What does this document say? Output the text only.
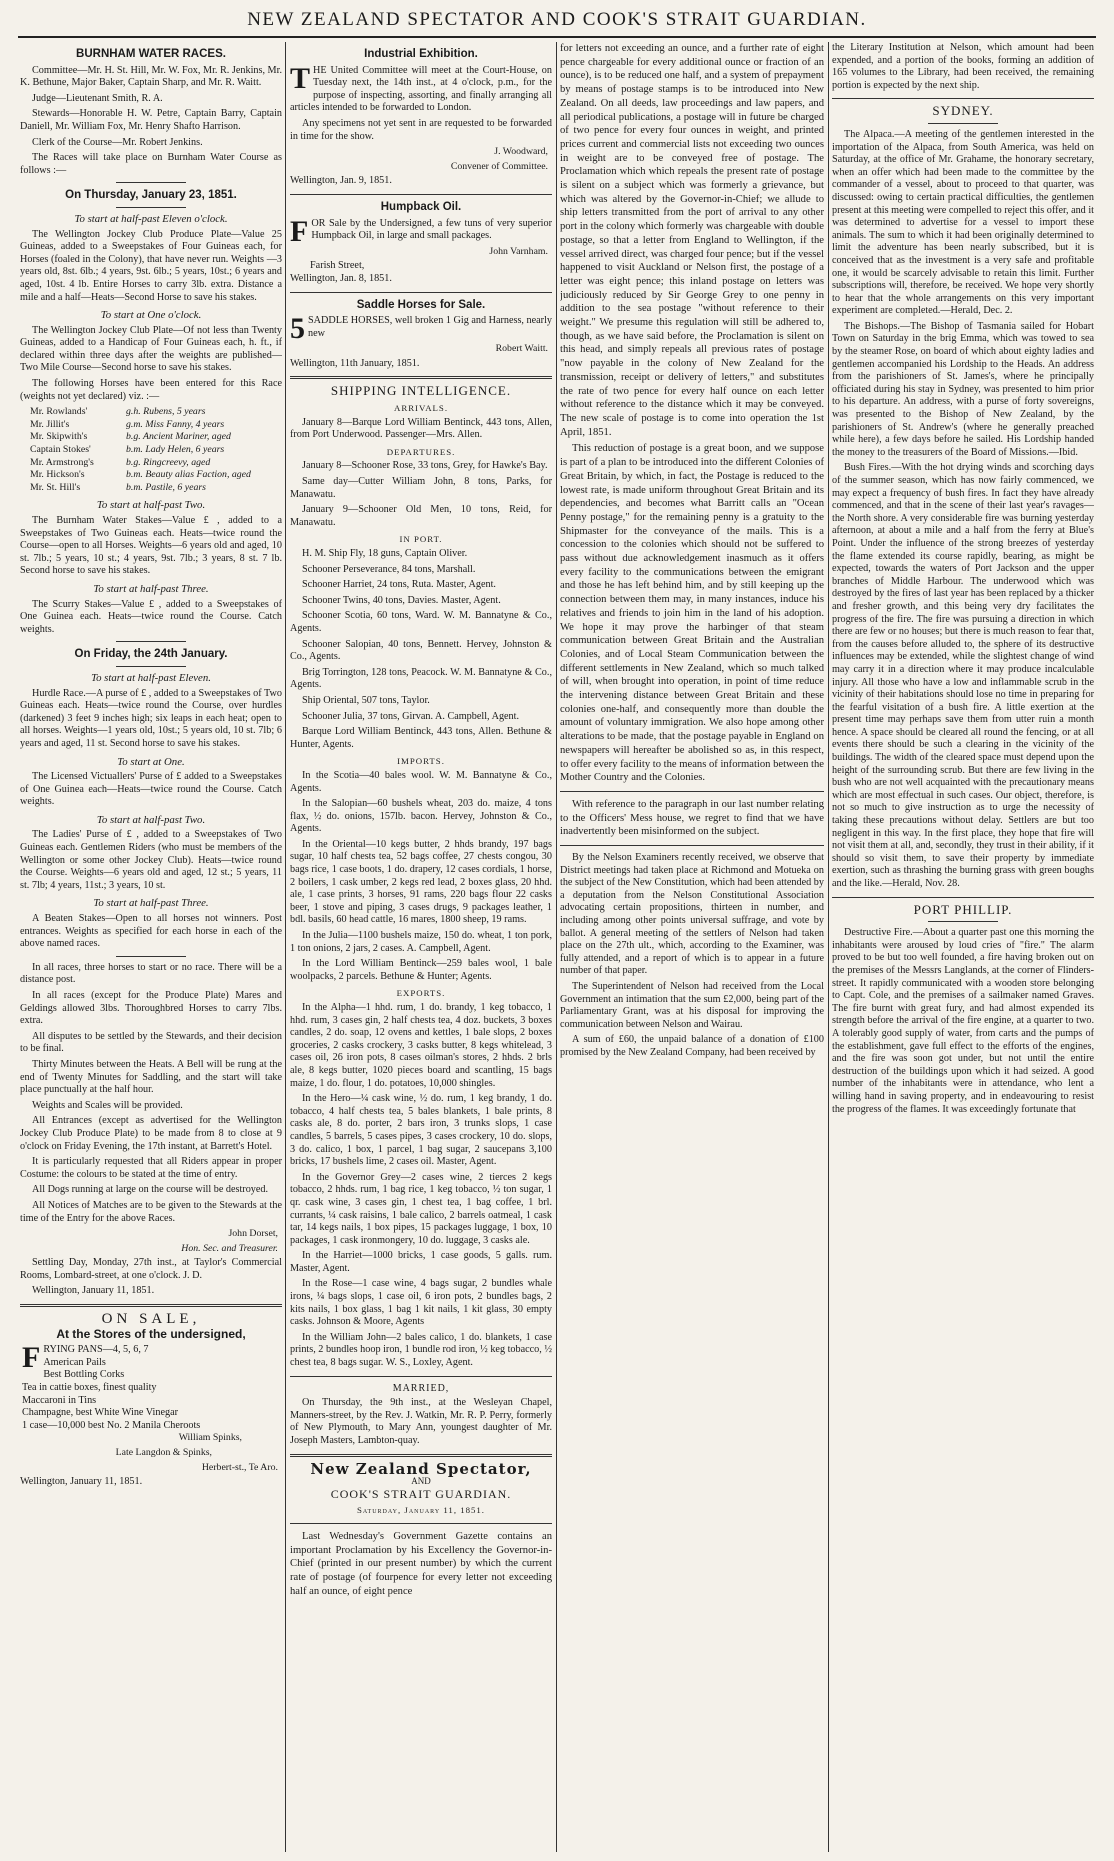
NEW ZEALAND SPECTATOR AND COOK'S STRAIT GUARDIAN.
BURNHAM WATER RACES.

Committee—Mr. H. St. Hill, Mr. W. Fox, Mr. R. Jenkins, Mr. K. Bethune, Major Baker, Captain Sharp, and Mr. R. Waitt.

Judge—Lieutenant Smith, R. A.

Stewards—Honorable H. W. Petre, Captain Barry, Captain Daniell, Mr. William Fox, Mr. Henry Shafto Harrison.

Clerk of the Course—Mr. Robert Jenkins.

The Races will take place on Burnham Water Course as follows :—

On Thursday, January 23, 1851.
To start at half-past Eleven o'clock.

The Wellington Jockey Club Produce Plate—Value 25 Guineas, added to a Sweepstakes of Four Guineas each, for Horses (foaled in the Colony), that have never run. Weights —3 years old, 8st. 6lb.; 4 years, 9st. 6lb.; 5 years, 10st.; 6 years and aged, 10st. 4 lb. Entire Horses to carry 3lb. extra. Distance a mile and a half—Heats—Second Horse to save his stakes.

To start at One o'clock.

The Wellington Jockey Club Plate—Of not less than Twenty Guineas, added to a Handicap of Four Guineas each, h. ft., if declared within three days after the weights are published—Two Mile Course—Second horse to save his stakes.

The following Horses have been entered for this Race (weights not yet declared) viz. :—

Mr. Rowlands'	g.h. Rubens, 5 years
Mr. Jillit's	g.m. Miss Fanny, 4 years
Mr. Skipwith's	b.g. Ancient Mariner, aged
Captain Stokes'	b.m. Lady Helen, 6 years
Mr. Armstrong's	b.g. Ringcreevy, aged
Mr. Hickson's	b.m. Beauty alias Faction, aged
Mr. St. Hill's	b.m. Pastile, 6 years
To start at half-past Two.

The Burnham Water Stakes—Value £ , added to a Sweepstakes of Two Guineas each. Heats—twice round the Course—open to all Horses. Weights—6 years old and aged, 10 st. 7lb.; 5 years, 10 st.; 4 years, 9st. 7lb.; 3 years, 8 st. 7 lb. Second horse to save his stakes.

To start at half-past Three.

The Scurry Stakes—Value £ , added to a Sweepstakes of One Guinea each. Heats—twice round the Course. Catch weights.

On Friday, the 24th January.
To start at half-past Eleven.

Hurdle Race.—A purse of £ , added to a Sweepstakes of Two Guineas each. Heats—twice round the Course, over hurdles (darkened) 3 feet 9 inches high; six leaps in each heat; open to all horses. Weights—1 years old, 10st.; 5 years old, 10 st. 7lb; 6 years and aged, 11 st. Second horse to save his stakes.

To start at One.

The Licensed Victuallers' Purse of £ added to a Sweepstakes of One Guinea each—Heats—twice round the Course. Catch weights.

To start at half-past Two.

The Ladies' Purse of £ , added to a Sweepstakes of Two Guineas each. Gentlemen Riders (who must be members of the Wellington or some other Jockey Club). Heats—twice round the Course. Weights—6 years old and aged, 12 st.; 5 years, 11 st. 7lb; 4 years, 11st.; 3 years, 10 st.

To start at half-past Three.

A Beaten Stakes—Open to all horses not winners. Post entrances. Weights as specified for each horse in each of the above named races.

In all races, three horses to start or no race. There will be a distance post.

In all races (except for the Produce Plate) Mares and Geldings allowed 3lbs. Thoroughbred Horses to carry 7lbs. extra.

All disputes to be settled by the Stewards, and their decision to be final.

Thirty Minutes between the Heats. A Bell will be rung at the end of Twenty Minutes for Saddling, and the start will take place punctually at the half hour.

Weights and Scales will be provided.

All Entrances (except as advertised for the Wellington Jockey Club Produce Plate) to be made from 8 to close at 9 o'clock on Friday Evening, the 17th instant, at Barrett's Hotel.

It is particularly requested that all Riders appear in proper Costume: the colours to be stated at the time of entry.

All Dogs running at large on the course will be destroyed.

All Notices of Matches are to be given to the Stewards at the time of the Entry for the above Races.

John Dorset,
Hon. Sec. and Treasurer.

Settling Day, Monday, 27th inst., at Taylor's Commercial Rooms, Lombard-street, at one o'clock. J. D.

Wellington, January 11, 1851.

ON SALE,
At the Stores of the undersigned,
F RYING PANS—4, 5, 6, 7
American Pails
Best Bottling Corks
Tea in cattie boxes, finest quality
Maccaroni in Tins
Champagne, best White Wine Vinegar
1 case—10,000 best No. 2 Manila Cheroots
William Spinks,
Late Langdon & Spinks,
Herbert-st., Te Aro.
Wellington, January 11, 1851.
Industrial Exhibition.

THE United Committee will meet at the Court-House, on Tuesday next, the 14th inst., at 4 o'clock, p.m., for the purpose of inspecting, assorting, and finally arranging all articles intended to be forwarded to London.

Any specimens not yet sent in are requested to be forwarded in time for the show.

J. Woodward,
Convener of Committee.
Wellington, Jan. 9, 1851.
Humpback Oil.

FOR Sale by the Undersigned, a few tuns of very superior Humpback Oil, in large and small packages.

John Varnham.
Farish Street,
Wellington, Jan. 8, 1851.
Saddle Horses for Sale.

5 SADDLE HORSES, well broken 1 Gig and Harness, nearly new

Robert Waitt.
Wellington, 11th January, 1851.
SHIPPING INTELLIGENCE.
ARRIVALS.

January 8—Barque Lord William Bentinck, 443 tons, Allen, from Port Underwood. Passenger—Mrs. Allen.

DEPARTURES.

January 8—Schooner Rose, 33 tons, Grey, for Hawke's Bay.

Same day—Cutter William John, 8 tons, Parks, for Manawatu.

January 9—Schooner Old Men, 10 tons, Reid, for Manawatu.

IN PORT.

H. M. Ship Fly, 18 guns, Captain Oliver.

Schooner Perseverance, 84 tons, Marshall.

Schooner Harriet, 24 tons, Ruta. Master, Agent.

Schooner Twins, 40 tons, Davies. Master, Agent.

Schooner Scotia, 60 tons, Ward. W. M. Bannatyne & Co., Agents.

Schooner Salopian, 40 tons, Bennett. Hervey, Johnston & Co., Agents.

Brig Torrington, 128 tons, Peacock. W. M. Bannatyne & Co., Agents.

Ship Oriental, 507 tons, Taylor.

Schooner Julia, 37 tons, Girvan. A. Campbell, Agent.

Barque Lord William Bentinck, 443 tons, Allen. Bethune & Hunter, Agents.

IMPORTS.

In the Scotia—40 bales wool. W. M. Bannatyne & Co., Agents.

In the Salopian—60 bushels wheat, 203 do. maize, 4 tons flax, ½ do. onions, 157lb. bacon. Hervey, Johnston & Co., Agents.

In the Oriental—10 kegs butter, 2 hhds brandy, 197 bags sugar, 10 half chests tea, 52 bags coffee, 27 chests congou, 30 bags rice, 1 case boots, 1 do. drapery, 12 cases cordials, 1 horse, 2 boilers, 1 cask umber, 2 kegs red lead, 2 boxes glass, 20 hhd. ale, 1 case prints, 3 horses, 91 rams, 220 bags flour 22 casks beer, 1 stove and piping, 3 cases drugs, 9 packages leather, 1 bdl. basils, 60 head cattle, 16 mares, 1800 sheep, 19 rams.

In the Julia—1100 bushels maize, 150 do. wheat, 1 ton pork, 1 ton onions, 2 jars, 2 cases. A. Campbell, Agent.

In the Lord William Bentinck—259 bales wool, 1 bale woolpacks, 2 parcels. Bethune & Hunter; Agents.

EXPORTS.

In the Alpha—1 hhd. rum, 1 do. brandy, 1 keg tobacco, 1 hhd. rum, 3 cases gin, 2 half chests tea, 4 doz. buckets, 3 boxes candles, 2 do. soap, 12 ovens and kettles, 1 bale slops, 2 boxes groceries, 2 casks crockery, 3 casks butter, 8 kegs whitelead, 3 cases oil, 26 iron pots, 8 cases oilman's stores, 2 hhds. 2 brls ale, 8 kegs butter, 1020 pieces board and scantling, 15 bags maize, 1 do. flour, 1 do. potatoes, 10,000 shingles.

In the Hero—¼ cask wine, ½ do. rum, 1 keg brandy, 1 do. tobacco, 4 half chests tea, 5 bales blankets, 1 bale prints, 8 casks ale, 8 do. porter, 2 bars iron, 3 trunks slops, 1 case candles, 5 barrels, 5 cases pipes, 3 cases crockery, 10 do. slops, 3 do. calico, 1 box, 1 parcel, 1 bag sugar, 2 saucepans 3,100 bricks, 17 bushels lime, 2 cases oil. Master, Agent.

In the Governor Grey—2 cases wine, 2 tierces 2 kegs tobacco, 2 hhds. rum, 1 bag rice, 1 keg tobacco, ½ ton sugar, 1 qr. cask wine, 3 cases gin, 1 chest tea, 1 bag coffee, 1 brl. currants, ¼ cask raisins, 1 bale calico, 2 barrels oatmeal, 1 cask tar, 14 kegs nails, 1 box pipes, 15 packages luggage, 1 box, 10 packages, 1 cask ironmongery, 10 do. luggage, 3 casks ale.

In the Harriet—1000 bricks, 1 case goods, 5 galls. rum. Master, Agent.

In the Rose—1 case wine, 4 bags sugar, 2 bundles whale irons, ¼ bags slops, 1 case oil, 6 iron pots, 2 bundles bags, 2 kits nails, 1 box glass, 1 bag 1 kit nails, 1 kit glass, 30 empty casks. Johnson & Moore, Agents

In the William John—2 bales calico, 1 do. blankets, 1 case prints, 2 bundles hoop iron, 1 bundle rod iron, ½ keg tobacco, ½ chest tea, 8 bags sugar. W. S., Loxley, Agent.

MARRIED,

On Thursday, the 9th inst., at the Wesleyan Chapel, Manners-street, by the Rev. J. Watkin, Mr. R. P. Perry, formerly of New Plymouth, to Mary Ann, youngest daughter of Mr. Joseph Masters, Lambton-quay.

New Zealand Spectator,
AND
COOK'S STRAIT GUARDIAN.
Saturday, January 11, 1851.

Last Wednesday's Government Gazette contains an important Proclamation by his Excellency the Governor-in-Chief (printed in our present number) by which the current rate of postage (of fourpence for every letter not exceeding half an ounce, of eight pence

for letters not exceeding an ounce, and a further rate of eight pence chargeable for every additional ounce or fraction of an ounce), is to be reduced one half, and a system of prepayment by means of postage stamps is to be introduced into New Zealand. On all deeds, law proceedings and law papers, and all periodical publications, a postage will in future be charged of two pence for every four ounces in weight, and printed prices current and commercial lists not exceeding two ounces in weight are to be conveyed free of postage. The Proclamation which which repeals the present rate of postage is silent on a subject which was formerly a grievance, but which was altered by the Governor-in-Chief; we allude to ship letters transmitted from the port of arrival to any other port in the colony which formerly was chargeable with double postage, so that a letter from England to Wellington, if the vessel arrived direct, was charged four pence; but if the vessel happened to visit Auckland or Nelson first, the postage of a letter was eight pence; this inland postage on letters was judiciously reduced by Sir George Grey to one penny in addition to the sea postage "without reference to their weight." We presume this regulation will still be adhered to, though, as we have said before, the Proclamation is silent on this head, and simply repeals all previous rates of postage "now payable in the colony of New Zealand for the transmission, receipt or delivery of letters," and substitutes the rate of two pence for every half ounce on each letter without reference to the distance which it may be conveyed. The new scale of postage is to come into operation the 1st April, 1851.

This reduction of postage is a great boon, and we suppose is part of a plan to be introduced into the different Colonies of Great Britain, by which, in fact, the Postage is reduced to the lowest rate, is made uniform throughout Great Britain and its dependencies, and becomes what Barritt calls an "Ocean Penny postage," for the remaining penny is a gratuity to the Shipmaster for the conveyance of the mails. This is a concession to the colonies which should not be suffered to pass without due acknowledgement inasmuch as it offers every facility to the communications between the emigrant and those he has left behind him, and by still keeping up the connection between them may, in many instances, induce his relatives and friends to join him in the land of his adoption. We hope it may prove the harbinger of that steam communication between Great Britain and the Australian Colonies, and of Local Steam Communication between the different settlements in New Zealand, which so much talked of will, when brought into operation, in point of time reduce the intervening distance between Great Britain and these colonies one-half, and consequently more than double the amount of voluntary immigration. We also hope among other alterations to be made, that the postage payable in England on newspapers will hereafter be abolished so as, in this respect, to offer every facility to the means of information between the Mother Country and the Colonies.

With reference to the paragraph in our last number relating to the Officers' Mess house, we regret to find that we have inadvertently been misinformed on the subject.

By the Nelson Examiners recently received, we observe that District meetings had taken place at Richmond and Motueka on the subject of the New Constitution, which had been attended by a deputation from the Nelson Constitutional Association advocating certain propositions, thirteen in number, and including among other points universal suffrage, and vote by ballot. A general meeting of the settlers of Nelson had taken place on the 27th ult., which, according to the Examiner, was fully attended, and a report of which is to appear in a future number of that paper.

The Superintendent of Nelson had received from the Local Government an intimation that the sum £2,000, being part of the Parliamentary Grant, was at his disposal for improving the communication between Nelson and Wairau.

A sum of £60, the unpaid balance of a donation of £100 promised by the New Zealand Company, had been received by

the Literary Institution at Nelson, which amount had been expended, and a portion of the books, forming an addition of 165 volumes to the Library, had been received, the remaining portion is expected by the next ship.

SYDNEY.

The Alpaca.—A meeting of the gentlemen interested in the importation of the Alpaca, from South America, was held on Saturday, at the office of Mr. Grahame, the honorary secretary, when an offer which had been made to the committee by the commander of a vessel, about to proceed to that quarter, was discussed: owing to certain practical difficulties, the gentlemen present at this meeting were compelled to reject this offer, and it was determined to advertise for a vessel to import these animals. The sum to which it had been originally determined to limit the adventure has been nearly subscribed, but it is conceived that as the investment is a very safe and profitable one, it would be scarcely advisable to retain this limit. Further subscriptions will, therefore, be received. We hope very shortly to hear that the whole arrangements on this very important experiment are completed.—Herald, Dec. 2.

The Bishops.—The Bishop of Tasmania sailed for Hobart Town on Saturday in the brig Emma, which was towed to sea by the steamer Rose, on board of which about eighty ladies and gentlemen accompanied his Lordship to the Heads. An address from the parishioners of St. James's, where he principally officiated during his stay in Sydney, was presented to him prior to his departure. An address, with a purse of forty sovereigns, was presented to the Bishop of New Zealand, by the parishioners of St. Andrew's (where he generally preached while here), a few days before he sailed. His Lordship handed the money to the treasurers of the Board of Missions.—Ibid.

Bush Fires.—With the hot drying winds and scorching days of the summer season, which has now fairly commenced, we may expect a frequency of bush fires. In fact they have already commenced, and that in the scene of their last year's ravages—the North shore. A very considerable fire was burning yesterday afternoon, at about a mile and a half from the ferry at Blue's Point. Under the influence of the strong breezes of yesterday the flame extended its course rapidly, bearing, as might be expected, towards the waters of Port Jackson and the upper branches of Middle Harbour. The underwood which was destroyed by the fires of last year has been replaced by a thicker and fresher growth, and this being very dry facilitates the progress of the fire. The fire was pursuing a direction in which there are few or no houses; but there is much reason to fear that, from the causes before alluded to, the sphere of its destructive influences may be extended, while the slightest change of wind may carry it in a direction where it may produce incalculable injury. All those who have a low and inflammable scrub in the vicinity of their habitations should lose no time in preparing for the fearful visitation of a bush fire. A little exertion at the present time may perhaps save them from utter ruin a month hence. A space should be cleared all round the fencing, or at all events there should be such a clearing in the vicinity of the buildings. The width of the cleared space must depend upon the height of the surrounding scrub. But there are few living in the bush who are not well acquainted with the precautionary means which are most effectual in such cases. Our object, therefore, is not so much to give instruction as to urge the necessity of taking these precautions without delay. Settlers are but too negligent in this way. In the first place, they hope that fire will not visit them at all, and, secondly, they trust in their ability, if it should so visit them, to save their property by immediate exertion, such as thrashing the burning grass with green boughs and the like.—Herald, Nov. 28.

PORT PHILLIP.

Destructive Fire.—About a quarter past one this morning the inhabitants were aroused by loud cries of "fire." The alarm proved to be but too well founded, a fire having broken out on the premises of the Messrs Langlands, at the corner of Flinders-street. It rapidly communicated with a wooden store belonging to Capt. Cole, and the premises of a sailmaker named Graves. The fire burnt with great fury, and had almost expended its strength before the arrival of the fire engine, at a quarter to two. A tolerably good supply of water, from carts and the pumps of the establishment, gave full effect to the efforts of the engines, and the fire was soon got under, but not until the entire destruction of the buildings upon which it had seized. A good number of the inhabitants were in attendance, who lent a willing hand in saving property, and in endeavouring to resist the progress of the flames. It was exceedingly fortunate that
